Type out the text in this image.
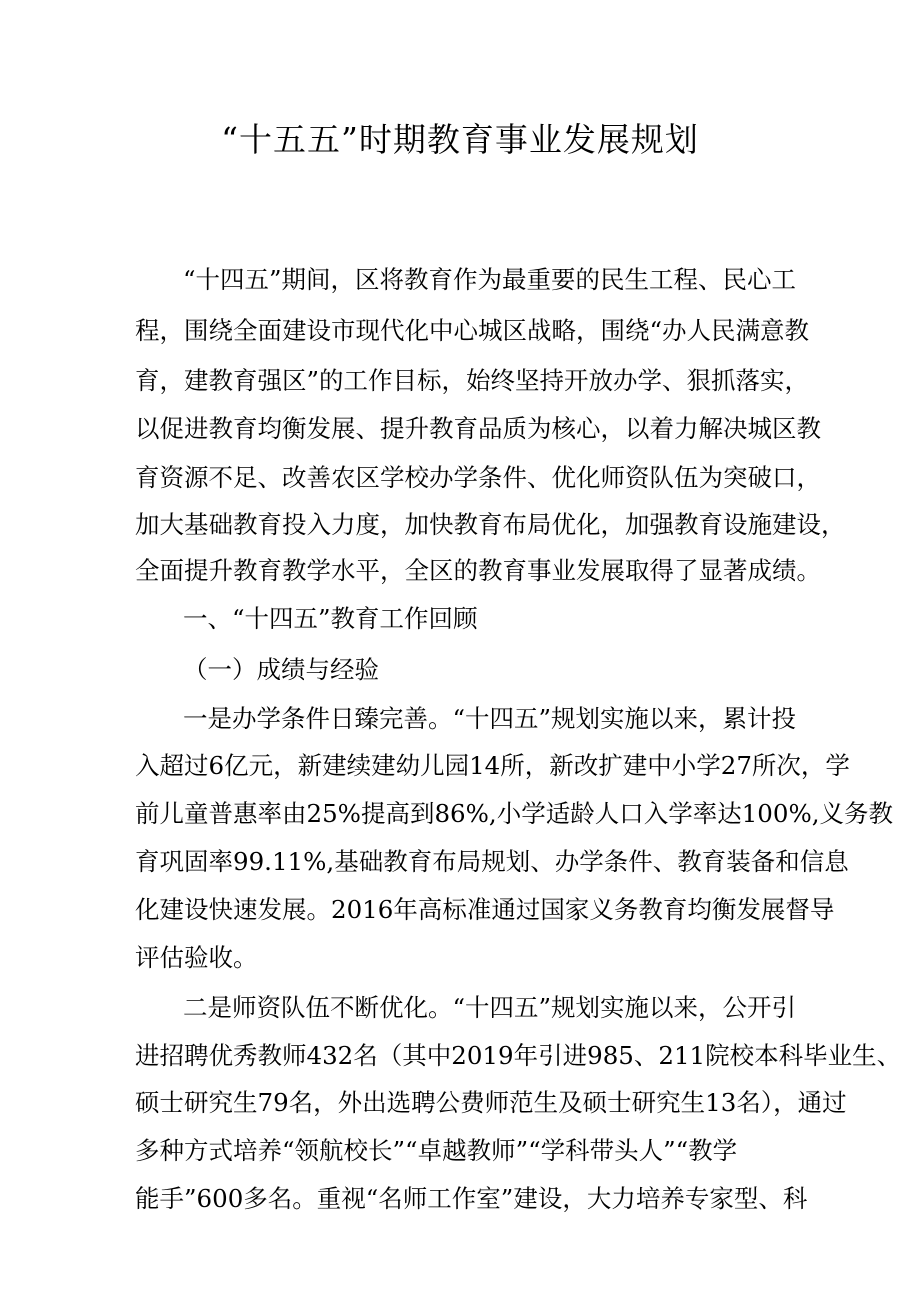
“十五五”时期教育事业发展规划
“十四五”期间，区将教育作为最重要的民生工程、民心工
程，围绕全面建设市现代化中心城区战略，围绕“办人民满意教
育，建教育强区”的工作目标，始终坚持开放办学、狠抓落实，
以促进教育均衡发展、提升教育品质为核心，以着力解决城区教
育资源不足、改善农区学校办学条件、优化师资队伍为突破口，
加大基础教育投入力度，加快教育布局优化，加强教育设施建设，
全面提升教育教学水平，全区的教育事业发展取得了显著成绩。
一、“十四五”教育工作回顾
（一）成绩与经验
一是办学条件日臻完善。“十四五”规划实施以来，累计投
入超过6亿元，新建续建幼儿园14所，新改扩建中小学27所次，学
前儿童普惠率由25%提高到86%,小学适龄人口入学率达100%,义务教
育巩固率99.11%,基础教育布局规划、办学条件、教育装备和信息
化建设快速发展。2016年高标准通过国家义务教育均衡发展督导
评估验收。
二是师资队伍不断优化。“十四五”规划实施以来，公开引
进招聘优秀教师432名（其中2019年引进985、211院校本科毕业生、
硕士研究生79名，外出选聘公费师范生及硕士研究生13名），通过
多种方式培养“领航校长”“卓越教师”“学科带头人”“教学
能手”600多名。重视“名师工作室”建设，大力培养专家型、科
